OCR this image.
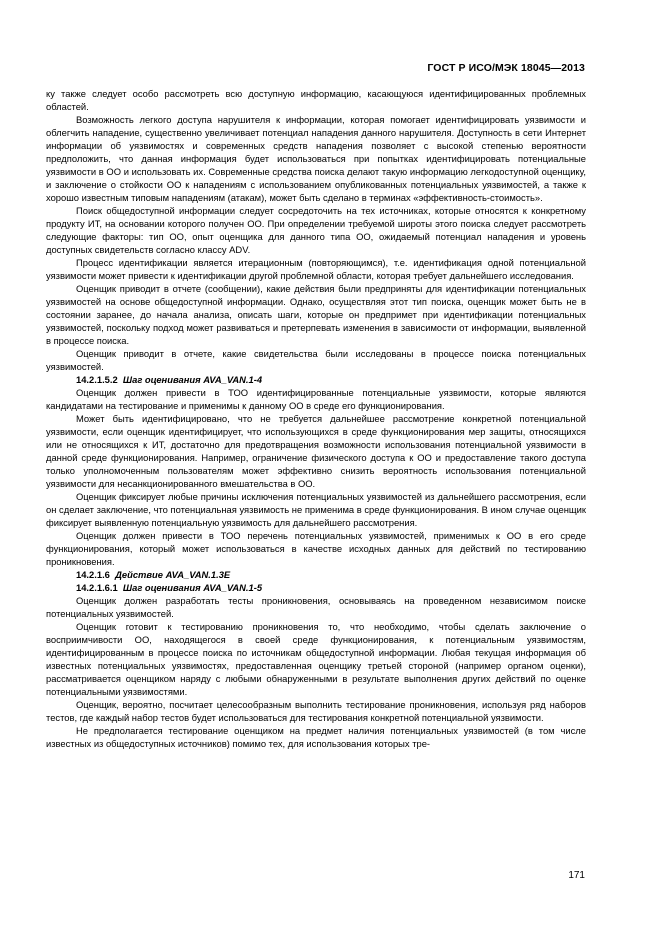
ГОСТ Р ИСО/МЭК 18045—2013

ку также следует особо рассмотреть всю доступную информацию, касающуюся идентифицированных проблемных областей.

Возможность легкого доступа нарушителя к информации, которая помогает идентифицировать уязвимости и облегчить нападение, существенно увеличивает потенциал нападения данного нарушителя. Доступность в сети Интернет информации об уязвимостях и современных средств нападения позволяет с высокой степенью вероятности предположить, что данная информация будет использоваться при попытках идентифицировать потенциальные уязвимости в ОО и использовать их. Современные средства поиска делают такую информацию легкодоступной оценщику, и заключение о стойкости ОО к нападениям с использованием опубликованных потенциальных уязвимостей, а также к хорошо известным типовым нападениям (атакам), может быть сделано в терминах «эффективность-стоимость».

Поиск общедоступной информации следует сосредоточить на тех источниках, которые относятся к конкретному продукту ИТ, на основании которого получен ОО. При определении требуемой широты этого поиска следует рассмотреть следующие факторы: тип ОО, опыт оценщика для данного типа ОО, ожидаемый потенциал нападения и уровень доступных свидетельств согласно классу ADV.

Процесс идентификации является итерационным (повторяющимся), т.е. идентификация одной потенциальной уязвимости может привести к идентификации другой проблемной области, которая требует дальнейшего исследования.

Оценщик приводит в отчете (сообщении), какие действия были предприняты для идентификации потенциальных уязвимостей на основе общедоступной информации. Однако, осуществляя этот тип поиска, оценщик может быть не в состоянии заранее, до начала анализа, описать шаги, которые он предпримет при идентификации потенциальных уязвимостей, поскольку подход может развиваться и претерпевать изменения в зависимости от информации, выявленной в процессе поиска.

Оценщик приводит в отчете, какие свидетельства были исследованы в процессе поиска потенциальных уязвимостей.

14.2.1.5.2 Шаг оценивания AVA_VAN.1-4

Оценщик должен привести в ТОО идентифицированные потенциальные уязвимости, которые являются кандидатами на тестирование и применимы к данному ОО в среде его функционирования.

Может быть идентифицировано, что не требуется дальнейшее рассмотрение конкретной потенциальной уязвимости, если оценщик идентифицирует, что использующихся в среде функционирования мер защиты, относящихся или не относящихся к ИТ, достаточно для предотвращения возможности использования потенциальной уязвимости в данной среде функционирования. Например, ограничение физического доступа к ОО и предоставление такого доступа только уполномоченным пользователям может эффективно снизить вероятность использования потенциальной уязвимости для несанкционированного вмешательства в ОО.

Оценщик фиксирует любые причины исключения потенциальных уязвимостей из дальнейшего рассмотрения, если он сделает заключение, что потенциальная уязвимость не применима в среде функционирования. В ином случае оценщик фиксирует выявленную потенциальную уязвимость для дальнейшего рассмотрения.

Оценщик должен привести в ТОО перечень потенциальных уязвимостей, применимых к ОО в его среде функционирования, который может использоваться в качестве исходных данных для действий по тестированию проникновения.

14.2.1.6 Действие AVA_VAN.1.3E

14.2.1.6.1 Шаг оценивания AVA_VAN.1-5

Оценщик должен разработать тесты проникновения, основываясь на проведенном независимом поиске потенциальных уязвимостей.

Оценщик готовит к тестированию проникновения то, что необходимо, чтобы сделать заключение о восприимчивости ОО, находящегося в своей среде функционирования, к потенциальным уязвимостям, идентифицированным в процессе поиска по источникам общедоступной информации. Любая текущая информация об известных потенциальных уязвимостях, предоставленная оценщику третьей стороной (например органом оценки), рассматривается оценщиком наряду с любыми обнаруженными в результате выполнения других действий по оценке потенциальными уязвимостями.

Оценщик, вероятно, посчитает целесообразным выполнить тестирование проникновения, используя ряд наборов тестов, где каждый набор тестов будет использоваться для тестирования конкретной потенциальной уязвимости.

Не предполагается тестирование оценщиком на предмет наличия потенциальных уязвимостей (в том числе известных из общедоступных источников) помимо тех, для использования которых тре-

171
